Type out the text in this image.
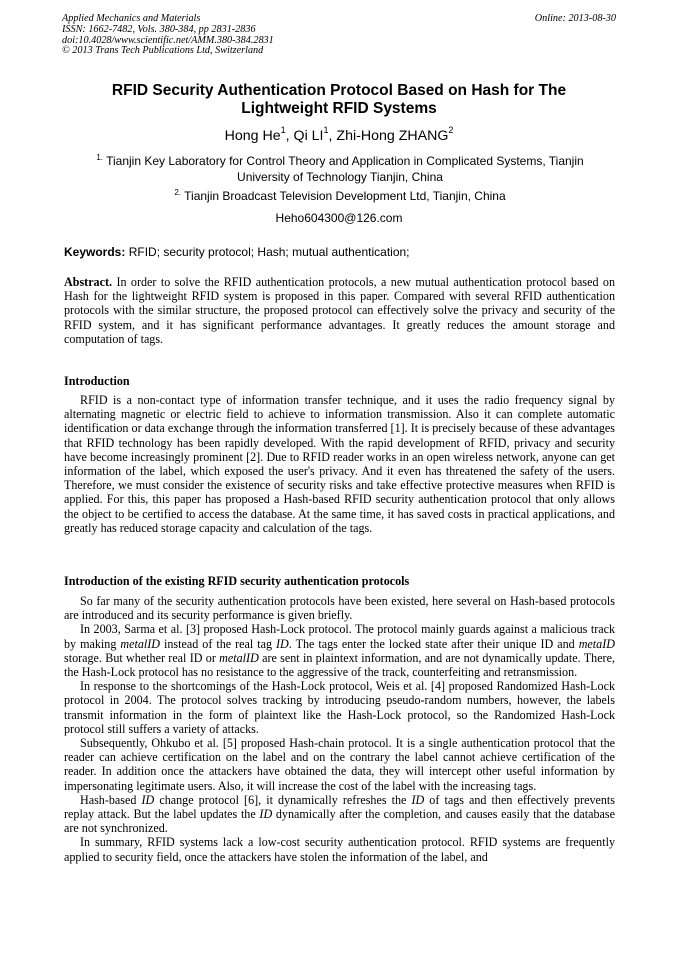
Applied Mechanics and Materials
ISSN: 1662-7482, Vols. 380-384, pp 2831-2836
doi:10.4028/www.scientific.net/AMM.380-384.2831
© 2013 Trans Tech Publications Ltd, Switzerland
Online: 2013-08-30
RFID Security Authentication Protocol Based on Hash for The
Lightweight RFID Systems
Hong He$^1$, Qi $LI^1$, Zhi-Hong ZHANG$^2$
$^{1.}$ Tianjin Key Laboratory for Control Theory and Application in Complicated Systems, Tianjin
University of Technology Tianjin, China
$^{2.}$ Tianjin Broadcast Television Development Ltd, Tianjin, China
Heho604300@126.com
Keywords: RFID; security protocol; Hash; mutual authentication;

Abstract. In order to solve the RFID authentication protocols, a new mutual authentication protocol based on Hash for the lightweight RFID system is proposed in this paper. Compared with several RFID authentication protocols with the similar structure, the proposed protocol can effectively solve the privacy and security of the RFID system, and it has significant performance advantages. It greatly reduces the amount storage and computation of tags.

Introduction

RFID is a non-contact type of information transfer technique, and it uses the radio frequency signal by alternating magnetic or electric field to achieve to information transmission. Also it can complete automatic identification or data exchange through the information transferred [1]. It is precisely because of these advantages that RFID technology has been rapidly developed. With the rapid development of RFID, privacy and security have become increasingly prominent [2]. Due to RFID reader works in an open wireless network, anyone can get information of the label, which exposed the user's privacy. And it even has threatened the safety of the users. Therefore, we must consider the existence of security risks and take effective protective measures when RFID is applied. For this, this paper has proposed a Hash-based RFID security authentication protocol that only allows the object to be certified to access the database. At the same time, it has saved costs in practical applications, and greatly has reduced storage capacity and calculation of the tags.

Introduction of the existing RFID security authentication protocols

So far many of the security authentication protocols have been existed, here several on Hash-based protocols are introduced and its security performance is given briefly.

In 2003, Sarma et al. [3] proposed Hash-Lock protocol. The protocol mainly guards against a malicious track by making metalID instead of the real tag ID. The tags enter the locked state after their unique ID and metaID storage. But whether real ID or metalID are sent in plaintext information, and are not dynamically update. There, the Hash-Lock protocol has no resistance to the aggressive of the track, counterfeiting and retransmission.

In response to the shortcomings of the Hash-Lock protocol, Weis et al. [4] proposed Randomized Hash-Lock protocol in 2004. The protocol solves tracking by introducing pseudo-random numbers, however, the labels transmit information in the form of plaintext like the Hash-Lock protocol, so the Randomized Hash-Lock protocol still suffers a variety of attacks.

Subsequently, Ohkubo et al. [5] proposed Hash-chain protocol. It is a single authentication protocol that the reader can achieve certification on the label and on the contrary the label cannot achieve certification of the reader. In addition once the attackers have obtained the data, they will intercept other useful information by impersonating legitimate users. Also, it will increase the cost of the label with the increasing tags.

Hash-based ID change protocol [6], it dynamically refreshes the ID of tags and then effectively prevents replay attack. But the label updates the ID dynamically after the completion, and causes easily that the database are not synchronized.

In summary, RFID systems lack a low-cost security authentication protocol. RFID systems are frequently applied to security field, once the attackers have stolen the information of the label, and
